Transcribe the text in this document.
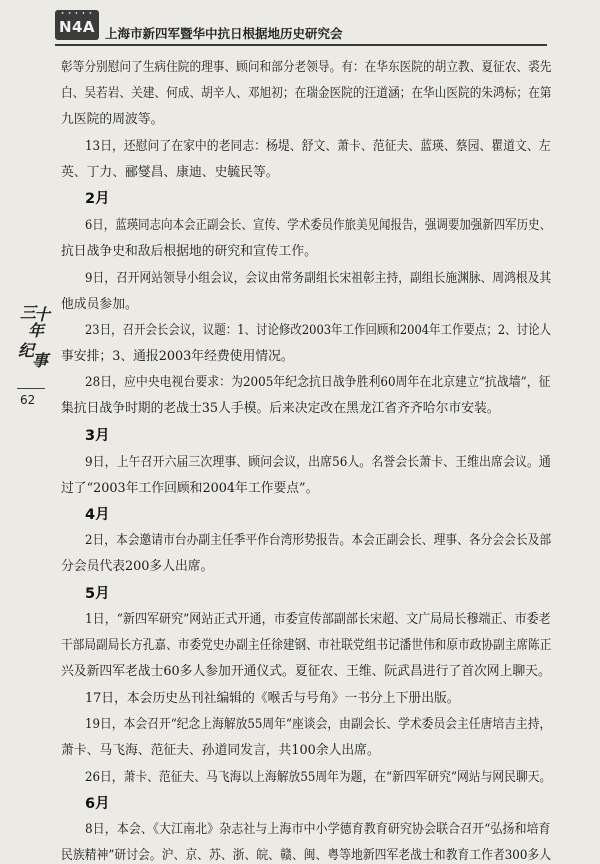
• • • • •
N4A 上海市新四军暨华中抗日根据地历史研究会
三
十
年
纪
事
62
彰等分别慰问了生病住院的理事、顾问和部分老领导。有：在华东医院的胡立教、夏征农、裘先
白、吴若岩、关建、何成、胡辛人、邓旭初；在瑞金医院的汪道涵；在华山医院的朱鸿标；在第
九医院的周波等。
13日，还慰问了在家中的老同志：杨堤、舒文、萧卡、范征夫、蓝瑛、蔡园、瞿道文、左
英、丁力、郦燮昌、康迪、史毓民等。
2月
6日，蓝瑛同志向本会正副会长、宣传、学术委员作旅美见闻报告，强调要加强新四军历史、
抗日战争史和敌后根据地的研究和宣传工作。
9日，召开网站领导小组会议，会议由常务副组长宋祖彰主持，副组长施渊脉、周鸿根及其
他成员参加。
23日，召开会长会议，议题：1、讨论修改2003年工作回顾和2004年工作要点；2、讨论人
事安排；3、通报2003年经费使用情况。
28日，应中央电视台要求：为2005年纪念抗日战争胜利60周年在北京建立“抗战墙”，征
集抗日战争时期的老战士35人手模。后来决定改在黑龙江省齐齐哈尔市安装。
3月
9日，上午召开六届三次理事、顾问会议，出席56人。名誉会长萧卡、王维出席会议。通
过了“2003年工作回顾和2004年工作要点”。
4月
2日，本会邀请市台办副主任季平作台湾形势报告。本会正副会长、理事、各分会会长及部
分会员代表200多人出席。
5月
1日，“新四军研究”网站正式开通，市委宣传部副部长宋超、文广局局长穆端正、市委老
干部局副局长方孔嘉、市委党史办副主任徐建钢、市社联党组书记潘世伟和原市政协副主席陈正
兴及新四军老战士60多人参加开通仪式。夏征农、王维、阮武昌进行了首次网上聊天。
17日，本会历史丛刊社编辑的《喉舌与号角》一书分上下册出版。
19日，本会召开“纪念上海解放55周年”座谈会，由副会长、学术委员会主任唐培吉主持，
萧卡、马飞海、范征夫、孙道同发言，共100余人出席。
26日，萧卡、范征夫、马飞海以上海解放55周年为题，在“新四军研究”网站与网民聊天。
6月
8日，本会、《大江南北》杂志社与上海市中小学德育教育研究协会联合召开“弘扬和培育
民族精神”研讨会。沪、京、苏、浙、皖、赣、闽、粤等地新四军老战士和教育工作者300多人
